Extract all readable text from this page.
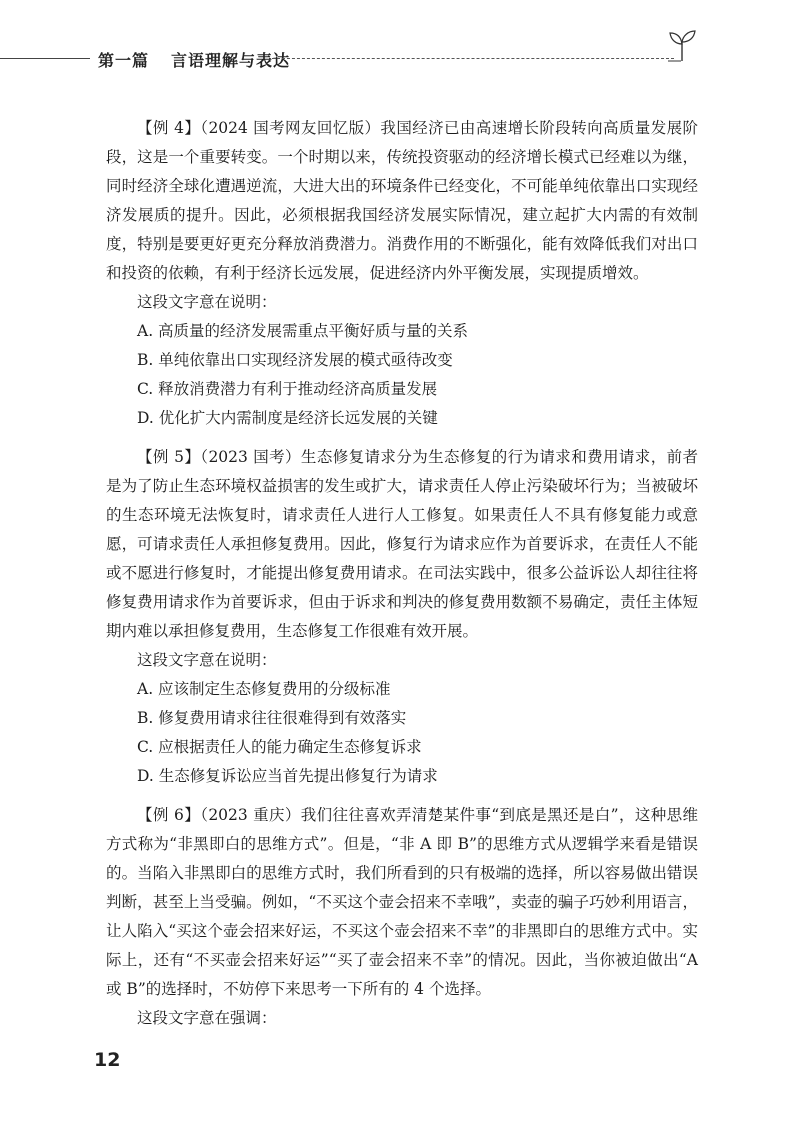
第一篇 言语理解与表达

【例 4】（2024 国考网友回忆版）我国经济已由高速增长阶段转向高质量发展阶段，这是一个重要转变。一个时期以来，传统投资驱动的经济增长模式已经难以为继，同时经济全球化遭遇逆流，大进大出的环境条件已经变化，不可能单纯依靠出口实现经济发展质的提升。因此，必须根据我国经济发展实际情况，建立起扩大内需的有效制度，特别是要更好更充分释放消费潜力。消费作用的不断强化，能有效降低我们对出口和投资的依赖，有利于经济长远发展，促进经济内外平衡发展，实现提质增效。

这段文字意在说明：

A. 高质量的经济发展需重点平衡好质与量的关系
B. 单纯依靠出口实现经济发展的模式亟待改变
C. 释放消费潜力有利于推动经济高质量发展
D. 优化扩大内需制度是经济长远发展的关键

【例 5】（2023 国考）生态修复请求分为生态修复的行为请求和费用请求，前者是为了防止生态环境权益损害的发生或扩大，请求责任人停止污染破坏行为；当被破坏的生态环境无法恢复时，请求责任人进行人工修复。如果责任人不具有修复能力或意愿，可请求责任人承担修复费用。因此，修复行为请求应作为首要诉求，在责任人不能或不愿进行修复时，才能提出修复费用请求。在司法实践中，很多公益诉讼人却往往将修复费用请求作为首要诉求，但由于诉求和判决的修复费用数额不易确定，责任主体短期内难以承担修复费用，生态修复工作很难有效开展。

这段文字意在说明：

A. 应该制定生态修复费用的分级标准
B. 修复费用请求往往很难得到有效落实
C. 应根据责任人的能力确定生态修复诉求
D. 生态修复诉讼应当首先提出修复行为请求

【例 6】（2023 重庆）我们往往喜欢弄清楚某件事“到底是黑还是白”，这种思维方式称为“非黑即白的思维方式”。但是，“非 A 即 B”的思维方式从逻辑学来看是错误的。当陷入非黑即白的思维方式时，我们所看到的只有极端的选择，所以容易做出错误判断，甚至上当受骗。例如，“不买这个壶会招来不幸哦”，卖壶的骗子巧妙利用语言，让人陷入“买这个壶会招来好运，不买这个壶会招来不幸”的非黑即白的思维方式中。实际上，还有“不买壶会招来好运”“买了壶会招来不幸”的情况。因此，当你被迫做出“A 或 B”的选择时，不妨停下来思考一下所有的 4 个选择。

这段文字意在强调：

12
